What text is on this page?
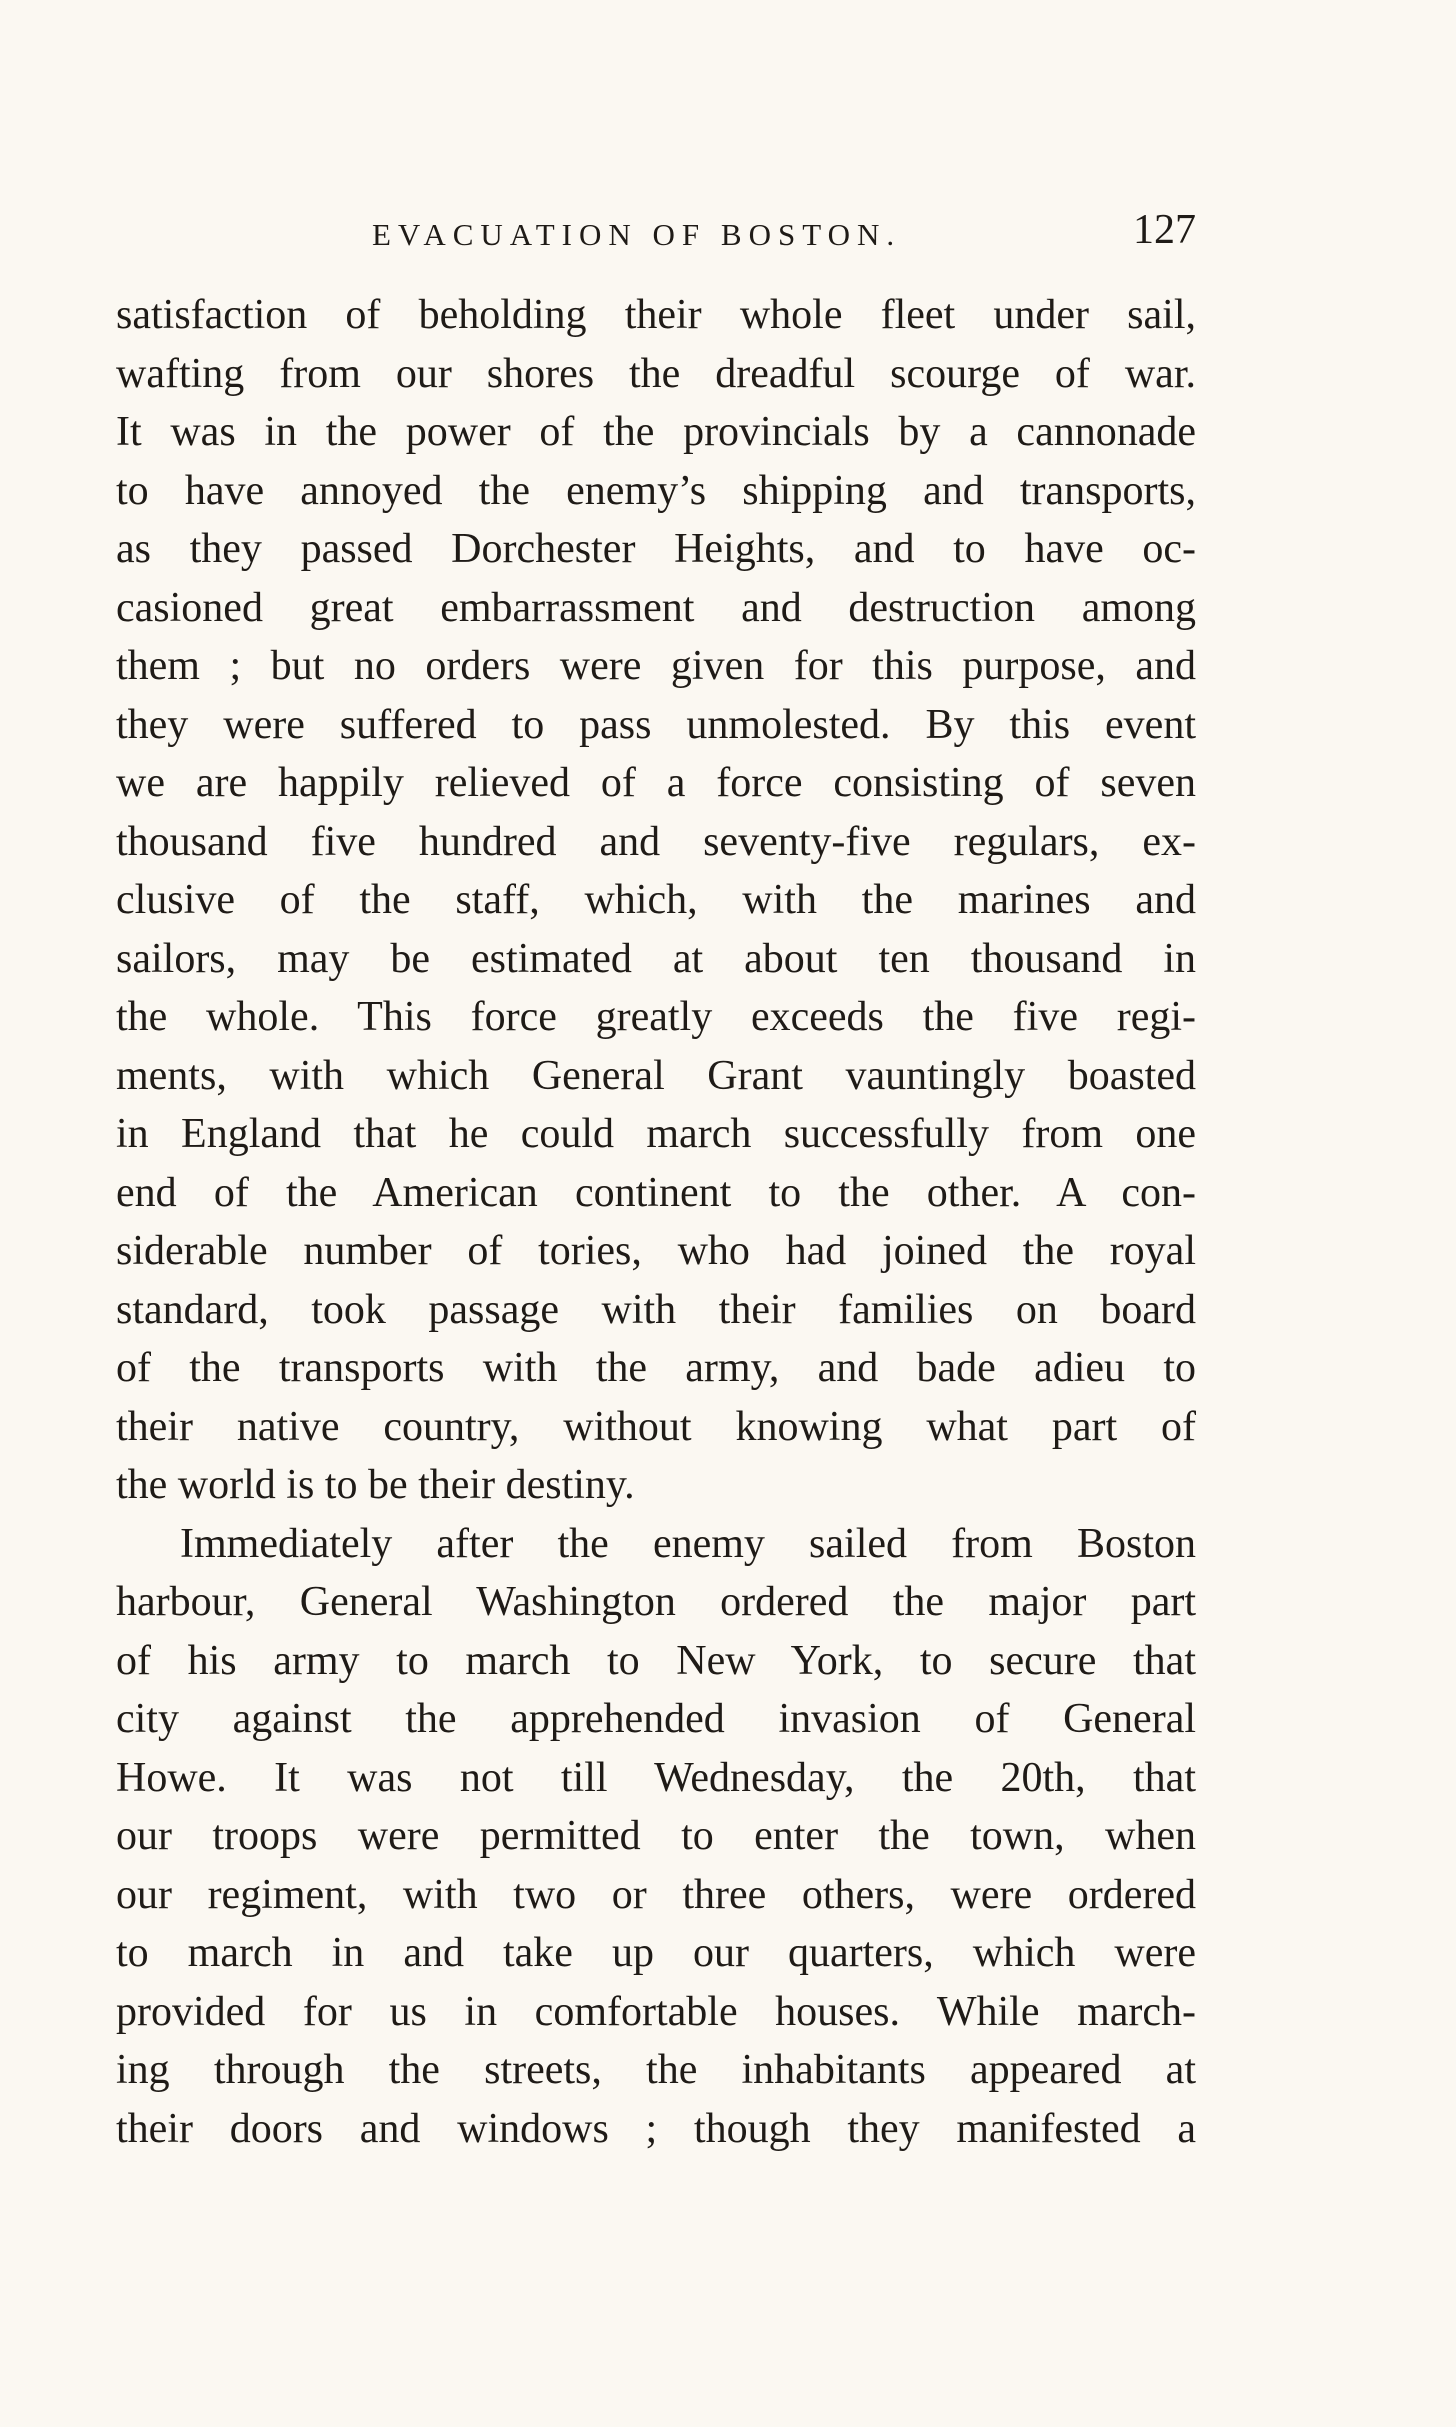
EVACUATION OF BOSTON.	127
satisfaction of beholding their whole fleet under sail,
wafting from our shores the dreadful scourge of war.
It was in the power of the provincials by a cannonade
to have annoyed the enemy’s shipping and transports,
as they passed Dorchester Heights, and to have oc-
casioned great embarrassment and destruction among
them ; but no orders were given for this purpose, and
they were suffered to pass unmolested. By this event
we are happily relieved of a force consisting of seven
thousand five hundred and seventy-five regulars, ex-
clusive of the staff, which, with the marines and
sailors, may be estimated at about ten thousand in
the whole. This force greatly exceeds the five regi-
ments, with which General Grant vauntingly boasted
in England that he could march successfully from one
end of the American continent to the other. A con-
siderable number of tories, who had joined the royal
standard, took passage with their families on board
of the transports with the army, and bade adieu to
their native country, without knowing what part of
the world is to be their destiny.
Immediately after the enemy sailed from Boston
harbour, General Washington ordered the major part
of his army to march to New York, to secure that
city against the apprehended invasion of General
Howe. It was not till Wednesday, the 20th, that
our troops were permitted to enter the town, when
our regiment, with two or three others, were ordered
to march in and take up our quarters, which were
provided for us in comfortable houses. While march-
ing through the streets, the inhabitants appeared at
their doors and windows ; though they manifested a
